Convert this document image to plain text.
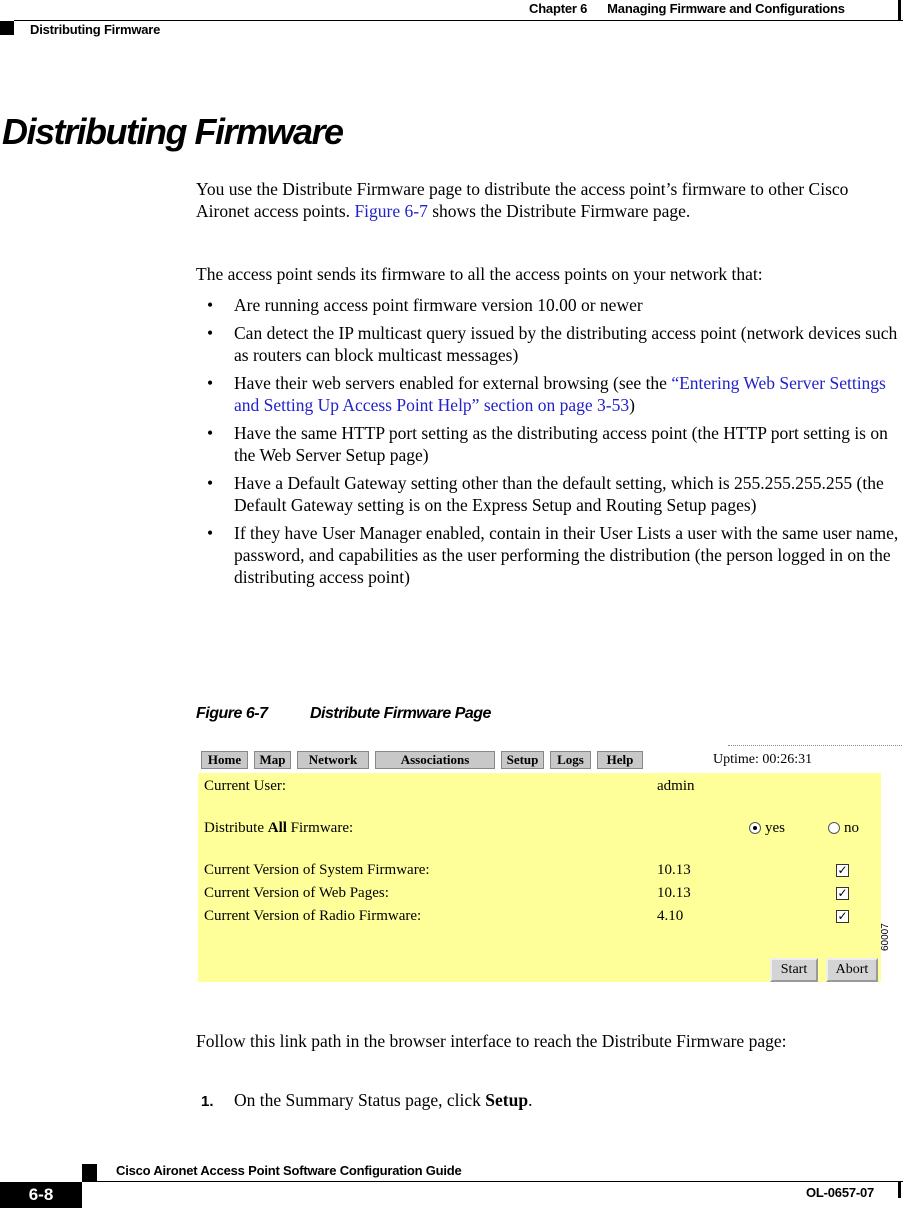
Chapter 6 Managing Firmware and Configurations
Distributing Firmware
Distributing Firmware

You use the Distribute Firmware page to distribute the access point’s firmware to other Cisco Aironet access points. Figure 6-7 shows the Distribute Firmware page.

The access point sends its firmware to all the access points on your network that:
• Are running access point firmware version 10.00 or newer
• Can detect the IP multicast query issued by the distributing access point (network devices such as routers can block multicast messages)
• Have their web servers enabled for external browsing (see the “Entering Web Server Settings and Setting Up Access Point Help” section on page 3-53)
• Have the same HTTP port setting as the distributing access point (the HTTP port setting is on the Web Server Setup page)
• Have a Default Gateway setting other than the default setting, which is 255.255.255.255 (the Default Gateway setting is on the Express Setup and Routing Setup pages)
• If they have User Manager enabled, contain in their User Lists a user with the same user name, password, and capabilities as the user performing the distribution (the person logged in on the distributing access point)
Figure 6-7	Distribute Firmware Page
Home	Map	Network	Associations	Setup	Logs	Help	Uptime: 00:26:31
Current User:	admin
Distribute All Firmware:	yes	no
Current Version of System Firmware:	10.13	✓
Current Version of Web Pages:	10.13	✓
Current Version of Radio Firmware:	4.10	✓
Start	Abort
60007
Follow this link path in the browser interface to reach the Distribute Firmware page:
1. On the Summary Status page, click Setup.
Cisco Aironet Access Point Software Configuration Guide
6-8	OL-0657-07
